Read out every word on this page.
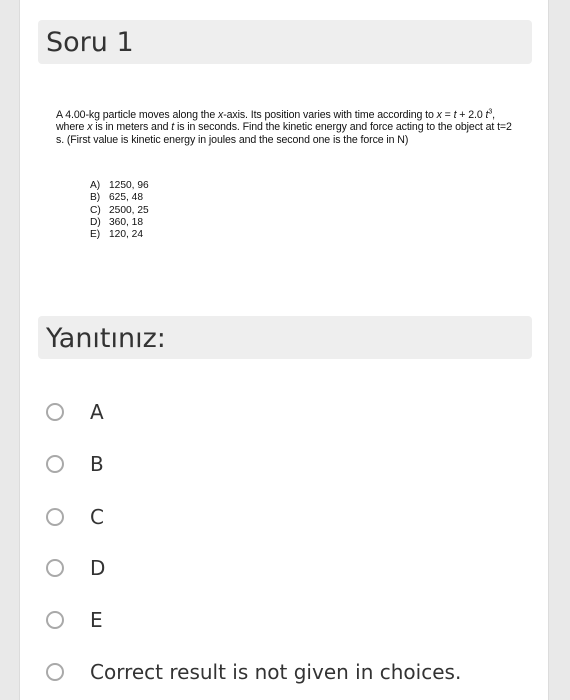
Soru 1
A 4.00-kg particle moves along the x-axis. Its position varies with time according to x = t + 2.0 $t^3$, where x is in meters and t is in seconds. Find the kinetic energy and force acting to the object at t=2 s. (First value is kinetic energy in joules and the second one is the force in N)
A) 1250, 96
B) 625, 48
C) 2500, 25
D) 360, 18
E) 120, 24
Yanıtınız:
A
B
C
D
E
Correct result is not given in choices.
